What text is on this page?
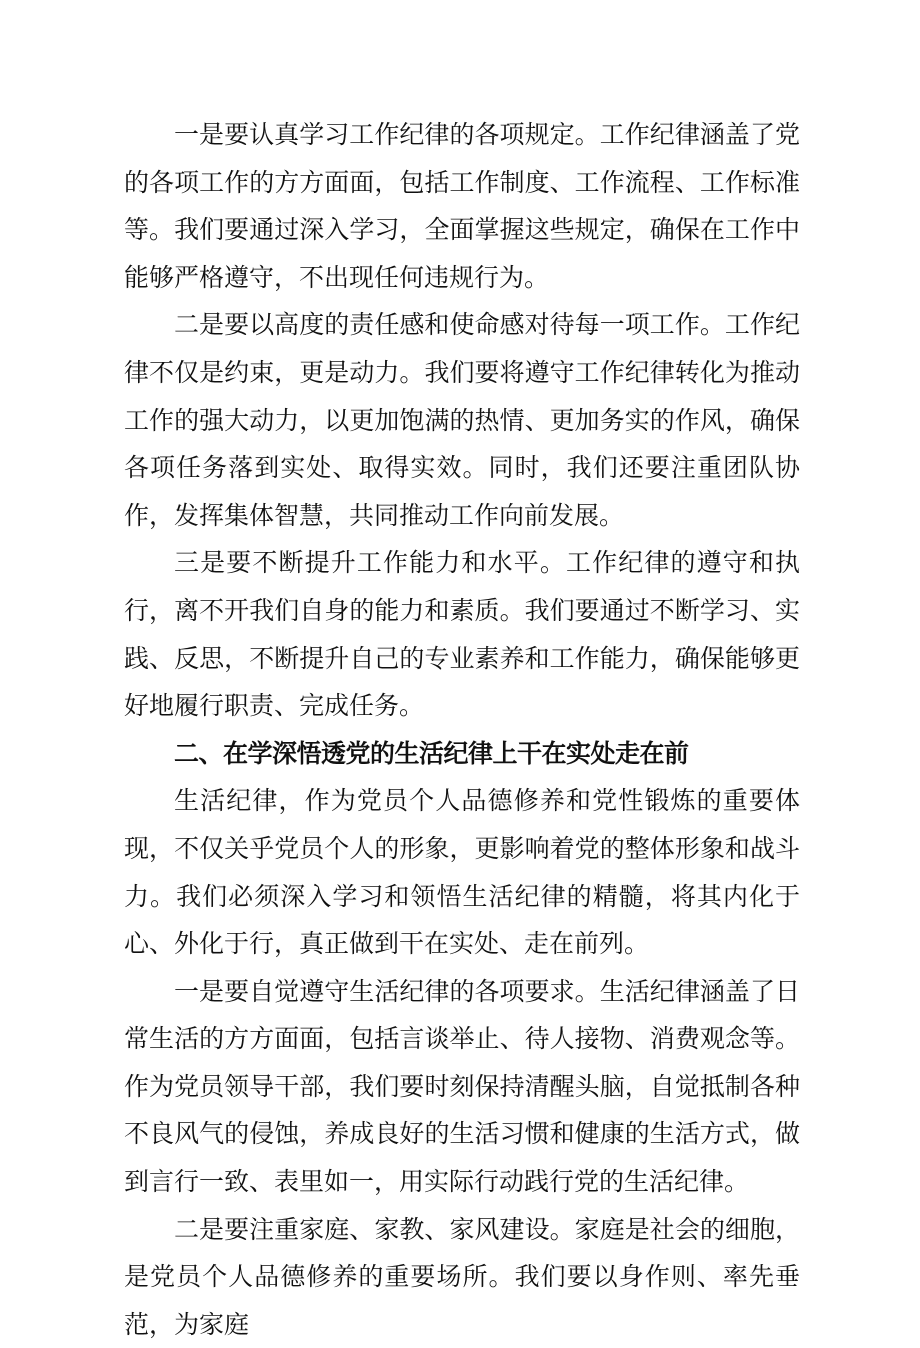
一是要认真学习工作纪律的各项规定。工作纪律涵盖了党的各项工作的方方面面，包括工作制度、工作流程、工作标准等。我们要通过深入学习，全面掌握这些规定，确保在工作中能够严格遵守，不出现任何违规行为。

二是要以高度的责任感和使命感对待每一项工作。工作纪律不仅是约束，更是动力。我们要将遵守工作纪律转化为推动工作的强大动力，以更加饱满的热情、更加务实的作风，确保各项任务落到实处、取得实效。同时，我们还要注重团队协作，发挥集体智慧，共同推动工作向前发展。

三是要不断提升工作能力和水平。工作纪律的遵守和执行，离不开我们自身的能力和素质。我们要通过不断学习、实践、反思，不断提升自己的专业素养和工作能力，确保能够更好地履行职责、完成任务。

二、在学深悟透党的生活纪律上干在实处走在前

生活纪律，作为党员个人品德修养和党性锻炼的重要体现，不仅关乎党员个人的形象，更影响着党的整体形象和战斗力。我们必须深入学习和领悟生活纪律的精髓，将其内化于心、外化于行，真正做到干在实处、走在前列。

一是要自觉遵守生活纪律的各项要求。生活纪律涵盖了日常生活的方方面面，包括言谈举止、待人接物、消费观念等。作为党员领导干部，我们要时刻保持清醒头脑，自觉抵制各种不良风气的侵蚀，养成良好的生活习惯和健康的生活方式，做到言行一致、表里如一，用实际行动践行党的生活纪律。

二是要注重家庭、家教、家风建设。家庭是社会的细胞，是党员个人品德修养的重要场所。我们要以身作则、率先垂范，为家庭
